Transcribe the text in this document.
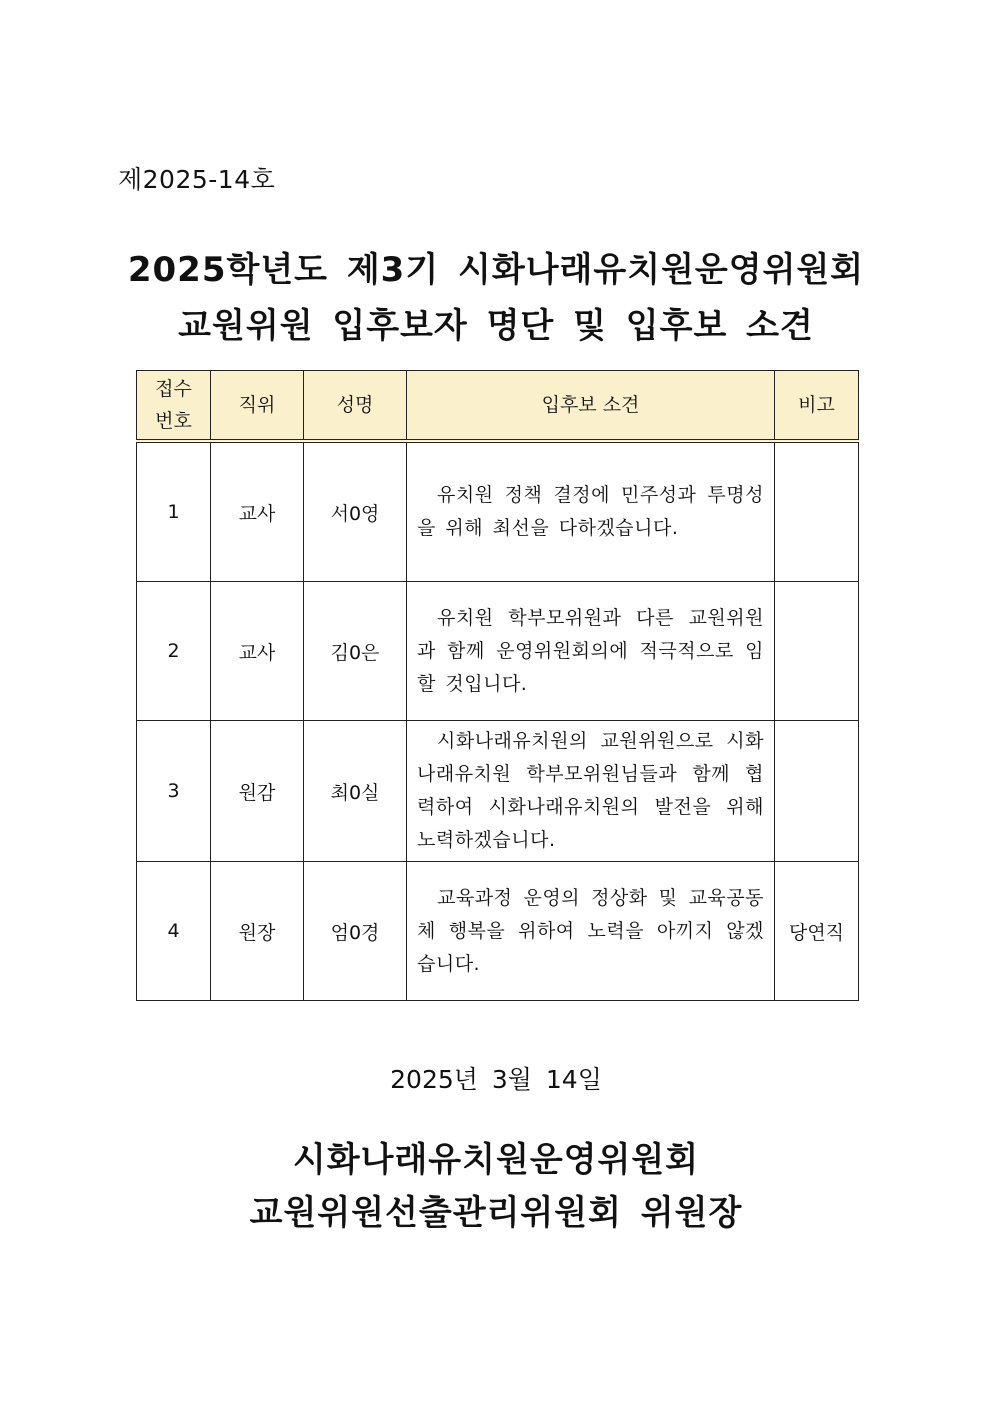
제2025-14호
2025학년도 제3기 시화나래유치원운영위원회
교원위원 입후보자 명단 및 입후보 소견
접수
번호	직위	성명	입후보 소견	비고
1	교사	서0영	유치원 정책 결정에 민주성과 투명성을 위해 최선을 다하겠습니다.	
2	교사	김0은	유치원 학부모위원과 다른 교원위원과 함께 운영위원회의에 적극적으로 임할 것입니다.	
3	원감	최0실	시화나래유치원의 교원위원으로 시화나래유치원 학부모위원님들과 함께 협력하여 시화나래유치원의 발전을 위해 노력하겠습니다.	
4	원장	엄0경	교육과정 운영의 정상화 및 교육공동체 행복을 위하여 노력을 아끼지 않겠습니다.	당연직
2025년 3월 14일
시화나래유치원운영위원회
교원위원선출관리위원회 위원장
